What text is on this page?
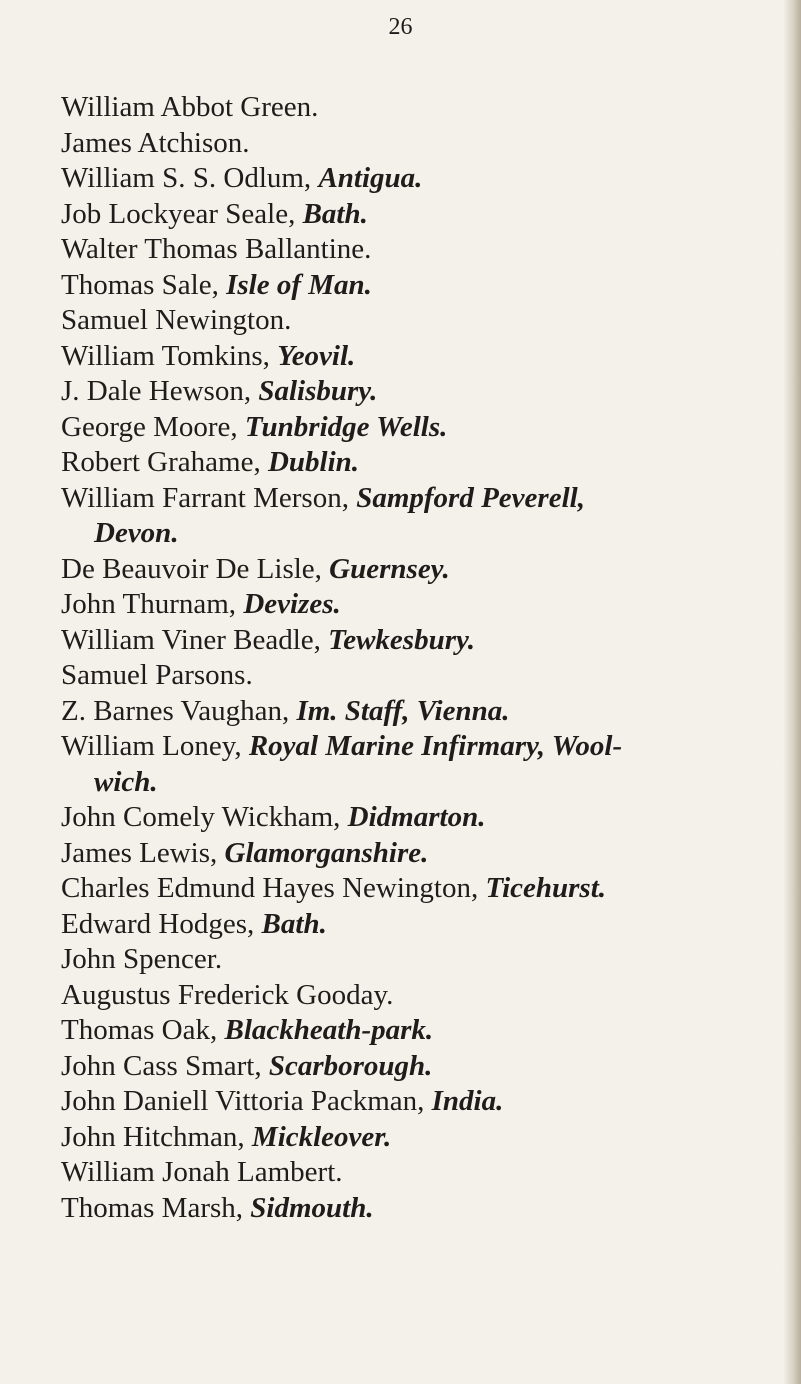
26

William Abbot Green.

James Atchison.

William S. S. Odlum, Antigua.

Job Lockyear Seale, Bath.

Walter Thomas Ballantine.

Thomas Sale, Isle of Man.

Samuel Newington.

William Tomkins, Yeovil.

J. Dale Hewson, Salisbury.

George Moore, Tunbridge Wells.

Robert Grahame, Dublin.

William Farrant Merson, Sampford Peverell,
Devon.

De Beauvoir De Lisle, Guernsey.

John Thurnam, Devizes.

William Viner Beadle, Tewkesbury.

Samuel Parsons.

Z. Barnes Vaughan, Im. Staff, Vienna.

William Loney, Royal Marine Infirmary, Wool-
wich.

John Comely Wickham, Didmarton.

James Lewis, Glamorganshire.

Charles Edmund Hayes Newington, Ticehurst.

Edward Hodges, Bath.

John Spencer.

Augustus Frederick Gooday.

Thomas Oak, Blackheath-park.

John Cass Smart, Scarborough.

John Daniell Vittoria Packman, India.

John Hitchman, Mickleover.

William Jonah Lambert.

Thomas Marsh, Sidmouth.
